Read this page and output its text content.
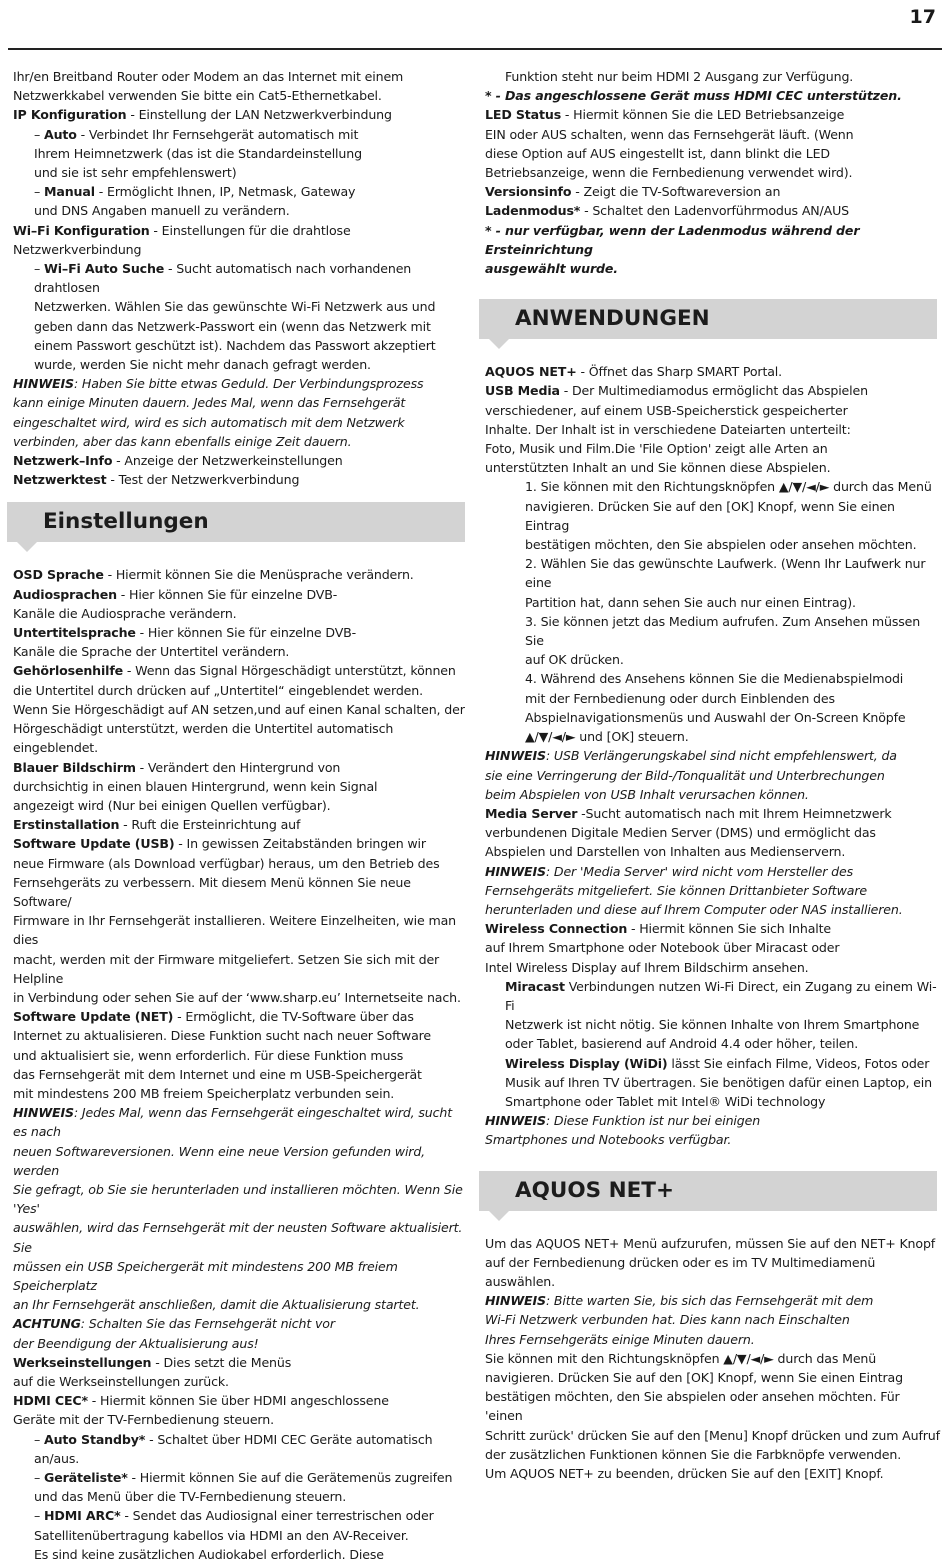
17
Ihr/en Breitband Router oder Modem an das Internet mit einem
Netzwerkkabel verwenden Sie bitte ein Cat5-Ethernetkabel.
IP Konfiguration - Einstellung der LAN Netzwerkverbindung
– Auto - Verbindet Ihr Fernsehgerät automatisch mit
Ihrem Heimnetzwerk (das ist die Standardeinstellung
und sie ist sehr empfehlenswert)
– Manual - Ermöglicht Ihnen, IP, Netmask, Gateway
und DNS Angaben manuell zu verändern.
Wi–Fi Konfiguration - Einstellungen für die drahtlose Netzwerkverbindung
– Wi–Fi Auto Suche - Sucht automatisch nach vorhandenen drahtlosen
Netzwerken. Wählen Sie das gewünschte Wi-Fi Netzwerk aus und
geben dann das Netzwerk-Passwort ein (wenn das Netzwerk mit
einem Passwort geschützt ist). Nachdem das Passwort akzeptiert
wurde, werden Sie nicht mehr danach gefragt werden.
HINWEIS: Haben Sie bitte etwas Geduld. Der Verbindungsprozess
kann einige Minuten dauern. Jedes Mal, wenn das Fernsehgerät
eingeschaltet wird, wird es sich automatisch mit dem Netzwerk
verbinden, aber das kann ebenfalls einige Zeit dauern.
Netzwerk–Info - Anzeige der Netzwerkeinstellungen
Netzwerktest - Test der Netzwerkverbindung
Einstellungen
OSD Sprache - Hiermit können Sie die Menüsprache verändern.
Audiosprachen - Hier können Sie für einzelne DVB-
Kanäle die Audiosprache verändern.
Untertitelsprache - Hier können Sie für einzelne DVB-
Kanäle die Sprache der Untertitel verändern.
Gehörlosenhilfe - Wenn das Signal Hörgeschädigt unterstützt, können
die Untertitel durch drücken auf „Untertitel“ eingeblendet werden.
Wenn Sie Hörgeschädigt auf AN setzen,und auf einen Kanal schalten, der
Hörgeschädigt unterstützt, werden die Untertitel automatisch eingeblendet.
Blauer Bildschirm - Verändert den Hintergrund von
durchsichtig in einen blauen Hintergrund, wenn kein Signal
angezeigt wird (Nur bei einigen Quellen verfügbar).
Erstinstallation - Ruft die Ersteinrichtung auf
Software Update (USB) - In gewissen Zeitabständen bringen wir
neue Firmware (als Download verfügbar) heraus, um den Betrieb des
Fernsehgeräts zu verbessern. Mit diesem Menü können Sie neue Software/
Firmware in Ihr Fernsehgerät installieren. Weitere Einzelheiten, wie man dies
macht, werden mit der Firmware mitgeliefert. Setzen Sie sich mit der Helpline
in Verbindung oder sehen Sie auf der ‘www.sharp.eu’ Internetseite nach.
Software Update (NET) - Ermöglicht, die TV-Software über das
Internet zu aktualisieren. Diese Funktion sucht nach neuer Software
und aktualisiert sie, wenn erforderlich. Für diese Funktion muss
das Fernsehgerät mit dem Internet und eine m USB-Speichergerät
mit mindestens 200 MB freiem Speicherplatz verbunden sein.
HINWEIS: Jedes Mal, wenn das Fernsehgerät eingeschaltet wird, sucht es nach
neuen Softwareversionen. Wenn eine neue Version gefunden wird, werden
Sie gefragt, ob Sie sie herunterladen und installieren möchten. Wenn Sie 'Yes'
auswählen, wird das Fernsehgerät mit der neusten Software aktualisiert. Sie
müssen ein USB Speichergerät mit mindestens 200 MB freiem Speicherplatz
an Ihr Fernsehgerät anschließen, damit die Aktualisierung startet.
ACHTUNG: Schalten Sie das Fernsehgerät nicht vor
der Beendigung der Aktualisierung aus!
Werkseinstellungen - Dies setzt die Menüs
auf die Werkseinstellungen zurück.
HDMI CEC* - Hiermit können Sie über HDMI angeschlossene
Geräte mit der TV-Fernbedienung steuern.
– Auto Standby* - Schaltet über HDMI CEC Geräte automatisch an/aus.
– Geräteliste* - Hiermit können Sie auf die Gerätemenüs zugreifen
und das Menü über die TV-Fernbedienung steuern.
– HDMI ARC* - Sendet das Audiosignal einer terrestrischen oder
Satellitenübertragung kabellos via HDMI an den AV-Receiver.
Es sind keine zusätzlichen Audiokabel erforderlich. Diese
Funktion steht nur beim HDMI 2 Ausgang zur Verfügung.
* - Das angeschlossene Gerät muss HDMI CEC unterstützen.
LED Status - Hiermit können Sie die LED Betriebsanzeige
EIN oder AUS schalten, wenn das Fernsehgerät läuft. (Wenn
diese Option auf AUS eingestellt ist, dann blinkt die LED
Betriebsanzeige, wenn die Fernbedienung verwendet wird).
Versionsinfo - Zeigt die TV-Softwareversion an
Ladenmodus* - Schaltet den Ladenvorführmodus AN/AUS
* - nur verfügbar, wenn der Ladenmodus während der Ersteinrichtung
ausgewählt wurde.
ANWENDUNGEN
AQUOS NET+ - Öffnet das Sharp SMART Portal.
USB Media - Der Multimediamodus ermöglicht das Abspielen
verschiedener, auf einem USB-Speicherstick gespeicherter
Inhalte. Der Inhalt ist in verschiedene Dateiarten unterteilt:
Foto, Musik und Film.Die 'File Option' zeigt alle Arten an
unterstützten Inhalt an und Sie können diese Abspielen.
1. Sie können mit den Richtungsknöpfen ▲/▼/◄/► durch das Menü
navigieren. Drücken Sie auf den [OK] Knopf, wenn Sie einen Eintrag
bestätigen möchten, den Sie abspielen oder ansehen möchten.
2. Wählen Sie das gewünschte Laufwerk. (Wenn Ihr Laufwerk nur eine
Partition hat, dann sehen Sie auch nur einen Eintrag).
3. Sie können jetzt das Medium aufrufen. Zum Ansehen müssen Sie
auf OK drücken.
4. Während des Ansehens können Sie die Medienabspielmodi
mit der Fernbedienung oder durch Einblenden des
Abspielnavigationsmenüs und Auswahl der On-Screen Knöpfe
▲/▼/◄/► und [OK] steuern.
HINWEIS: USB Verlängerungskabel sind nicht empfehlenswert, da
sie eine Verringerung der Bild-/Tonqualität und Unterbrechungen
beim Abspielen von USB Inhalt verursachen können.
Media Server -Sucht automatisch nach mit Ihrem Heimnetzwerk
verbundenen Digitale Medien Server (DMS) und ermöglicht das
Abspielen und Darstellen von Inhalten aus Medienservern.
HINWEIS: Der 'Media Server' wird nicht vom Hersteller des
Fernsehgeräts mitgeliefert. Sie können Drittanbieter Software
herunterladen und diese auf Ihrem Computer oder NAS installieren.
Wireless Connection - Hiermit können Sie sich Inhalte
auf Ihrem Smartphone oder Notebook über Miracast oder
Intel Wireless Display auf Ihrem Bildschirm ansehen.
Miracast Verbindungen nutzen Wi-Fi Direct, ein Zugang zu einem Wi-Fi
Netzwerk ist nicht nötig. Sie können Inhalte von Ihrem Smartphone
oder Tablet, basierend auf Android 4.4 oder höher, teilen.
Wireless Display (WiDi) lässt Sie einfach Filme, Videos, Fotos oder
Musik auf Ihren TV übertragen. Sie benötigen dafür einen Laptop, ein
Smartphone oder Tablet mit Intel® WiDi technology
HINWEIS: Diese Funktion ist nur bei einigen
Smartphones und Notebooks verfügbar.
AQUOS NET+
Um das AQUOS NET+ Menü aufzurufen, müssen Sie auf den NET+ Knopf
auf der Fernbedienung drücken oder es im TV Multimediamenü auswählen.
HINWEIS: Bitte warten Sie, bis sich das Fernsehgerät mit dem
Wi-Fi Netzwerk verbunden hat. Dies kann nach Einschalten
Ihres Fernsehgeräts einige Minuten dauern.
Sie können mit den Richtungsknöpfen ▲/▼/◄/► durch das Menü
navigieren. Drücken Sie auf den [OK] Knopf, wenn Sie einen Eintrag
bestätigen möchten, den Sie abspielen oder ansehen möchten. Für 'einen
Schritt zurück' drücken Sie auf den [Menu] Knopf drücken und zum Aufruf
der zusätzlichen Funktionen können Sie die Farbknöpfe verwenden.
Um AQUOS NET+ zu beenden, drücken Sie auf den [EXIT] Knopf.
